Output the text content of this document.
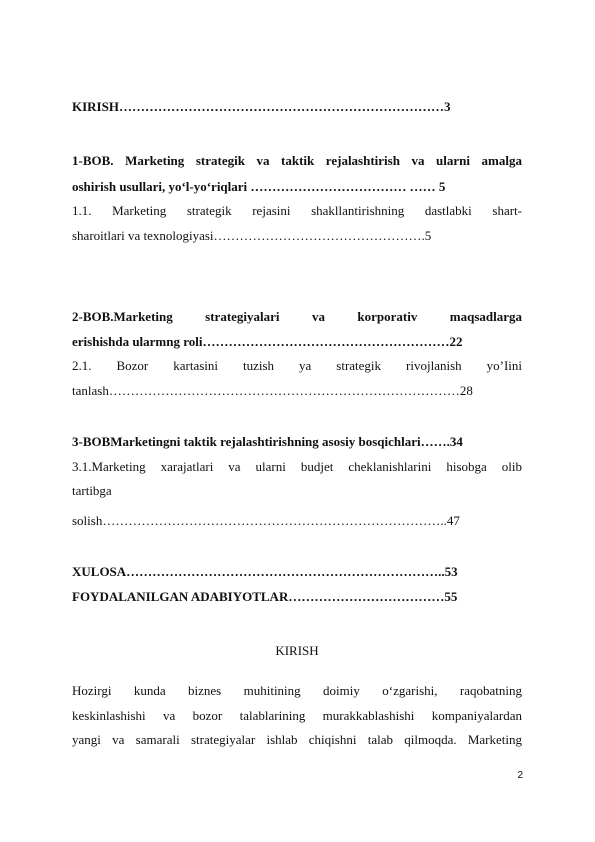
KIRISH…………………………………………………………………3
1-BOB. Marketing strategik va taktik rejalashtirish va ularni amalga
oshirish usullari, yo‘l-yo‘riqlari ……………………………… …… 5
1.1. Marketing strategik rejasini shakllantirishning dastlabki shart-
sharoitlari va texnologiyasi………………………………………….5
2-BOB.Marketing strategiyalari va korporativ maqsadlarga
erishishda ularmng roli…………………………………………………22
2.1. Bozor kartasini tuzish ya strategik rivojlanish yo’Iini
tanlash………………………………………………………………………28
3-BOBMarketingni taktik rejalashtirishning asosiy bosqichlari…….34
3.1.Marketing xarajatlari va ularni budjet cheklanishlarini hisobga olib
tartibga
solish……………………………………………………………………..47
XULOSA………………………………………………………………..53
FOYDALANILGAN ADABIYOTLAR………………………………55
KIRISH
Hozirgi kunda biznes muhitining doimiy o‘zgarishi, raqobatning
keskinlashishi va bozor talablarining murakkablashishi kompaniyalardan
yangi va samarali strategiyalar ishlab chiqishni talab qilmoqda. Marketing
2
